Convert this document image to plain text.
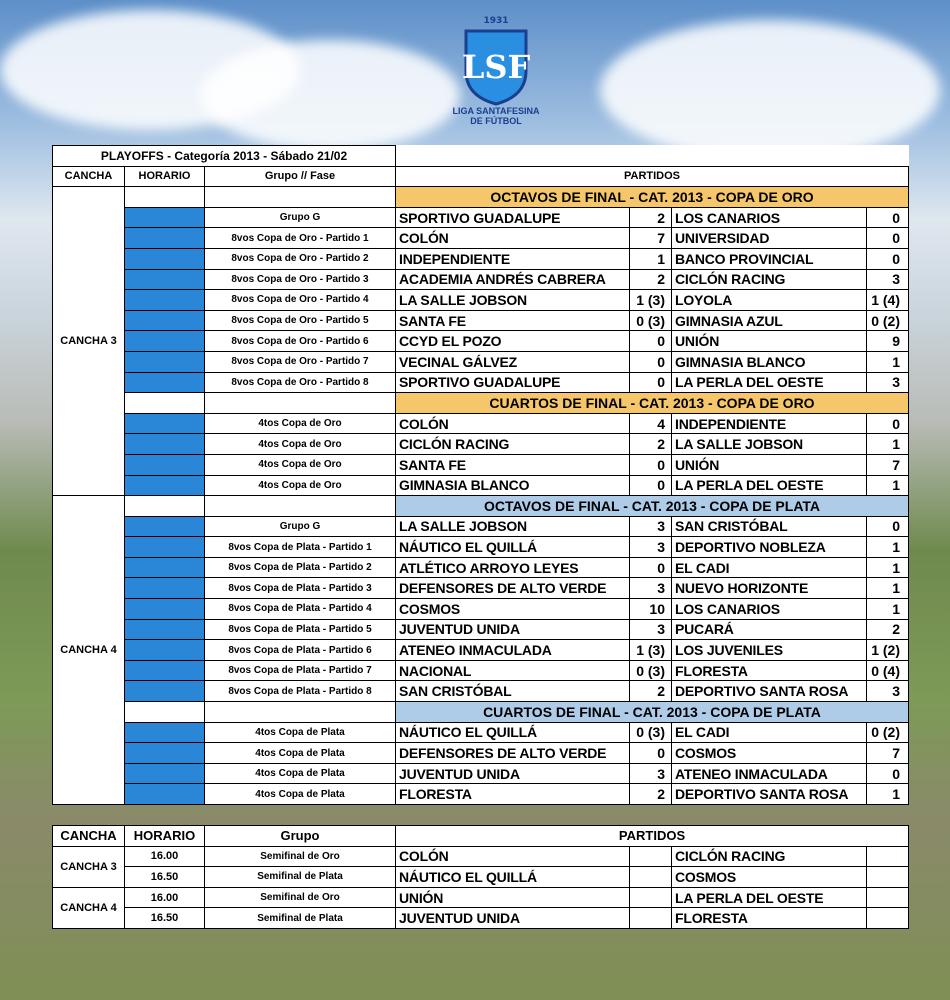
1931
LSF
LIGA SANTAFESINA
DE FÚTBOL
PLAYOFFS - Categoría 2013 - Sábado 21/02						
CANCHA	HORARIO	Grupo // Fase	PARTIDOS			
CANCHA 3			OCTAVOS DE FINAL - CAT. 2013 - COPA DE ORO			
		Grupo G	SPORTIVO GUADALUPE	2	LOS CANARIOS	0
		8vos Copa de Oro - Partido 1	COLÓN	7	UNIVERSIDAD	0
		8vos Copa de Oro - Partido 2	INDEPENDIENTE	1	BANCO PROVINCIAL	0
		8vos Copa de Oro - Partido 3	ACADEMIA ANDRÉS CABRERA	2	CICLÓN RACING	3
		8vos Copa de Oro - Partido 4	LA SALLE JOBSON	1 (3)	LOYOLA	1 (4)
		8vos Copa de Oro - Partido 5	SANTA FE	0 (3)	GIMNASIA AZUL	0 (2)
		8vos Copa de Oro - Partido 6	CCYD EL POZO	0	UNIÓN	9
		8vos Copa de Oro - Partido 7	VECINAL GÁLVEZ	0	GIMNASIA BLANCO	1
		8vos Copa de Oro - Partido 8	SPORTIVO GUADALUPE	0	LA PERLA DEL OESTE	3
			CUARTOS DE FINAL - CAT. 2013 - COPA DE ORO			
		4tos Copa de Oro	COLÓN	4	INDEPENDIENTE	0
		4tos Copa de Oro	CICLÓN RACING	2	LA SALLE JOBSON	1
		4tos Copa de Oro	SANTA FE	0	UNIÓN	7
		4tos Copa de Oro	GIMNASIA BLANCO	0	LA PERLA DEL OESTE	1
CANCHA 4			OCTAVOS DE FINAL - CAT. 2013 - COPA DE PLATA			
		Grupo G	LA SALLE JOBSON	3	SAN CRISTÓBAL	0
		8vos Copa de Plata - Partido 1	NÁUTICO EL QUILLÁ	3	DEPORTIVO NOBLEZA	1
		8vos Copa de Plata - Partido 2	ATLÉTICO ARROYO LEYES	0	EL CADI	1
		8vos Copa de Plata - Partido 3	DEFENSORES DE ALTO VERDE	3	NUEVO HORIZONTE	1
		8vos Copa de Plata - Partido 4	COSMOS	10	LOS CANARIOS	1
		8vos Copa de Plata - Partido 5	JUVENTUD UNIDA	3	PUCARÁ	2
		8vos Copa de Plata - Partido 6	ATENEO INMACULADA	1 (3)	LOS JUVENILES	1 (2)
		8vos Copa de Plata - Partido 7	NACIONAL	0 (3)	FLORESTA	0 (4)
		8vos Copa de Plata - Partido 8	SAN CRISTÓBAL	2	DEPORTIVO SANTA ROSA	3
			CUARTOS DE FINAL - CAT. 2013 - COPA DE PLATA			
		4tos Copa de Plata	NÁUTICO EL QUILLÁ	0 (3)	EL CADI	0 (2)
		4tos Copa de Plata	DEFENSORES DE ALTO VERDE	0	COSMOS	7
		4tos Copa de Plata	JUVENTUD UNIDA	3	ATENEO INMACULADA	0
		4tos Copa de Plata	FLORESTA	2	DEPORTIVO SANTA ROSA	1
CANCHA	HORARIO	Grupo	PARTIDOS			
CANCHA 3	16.00	Semifinal de Oro	COLÓN		CICLÓN RACING	
	16.50	Semifinal de Plata	NÁUTICO EL QUILLÁ		COSMOS	
CANCHA 4	16.00	Semifinal de Oro	UNIÓN		LA PERLA DEL OESTE	
	16.50	Semifinal de Plata	JUVENTUD UNIDA		FLORESTA	
